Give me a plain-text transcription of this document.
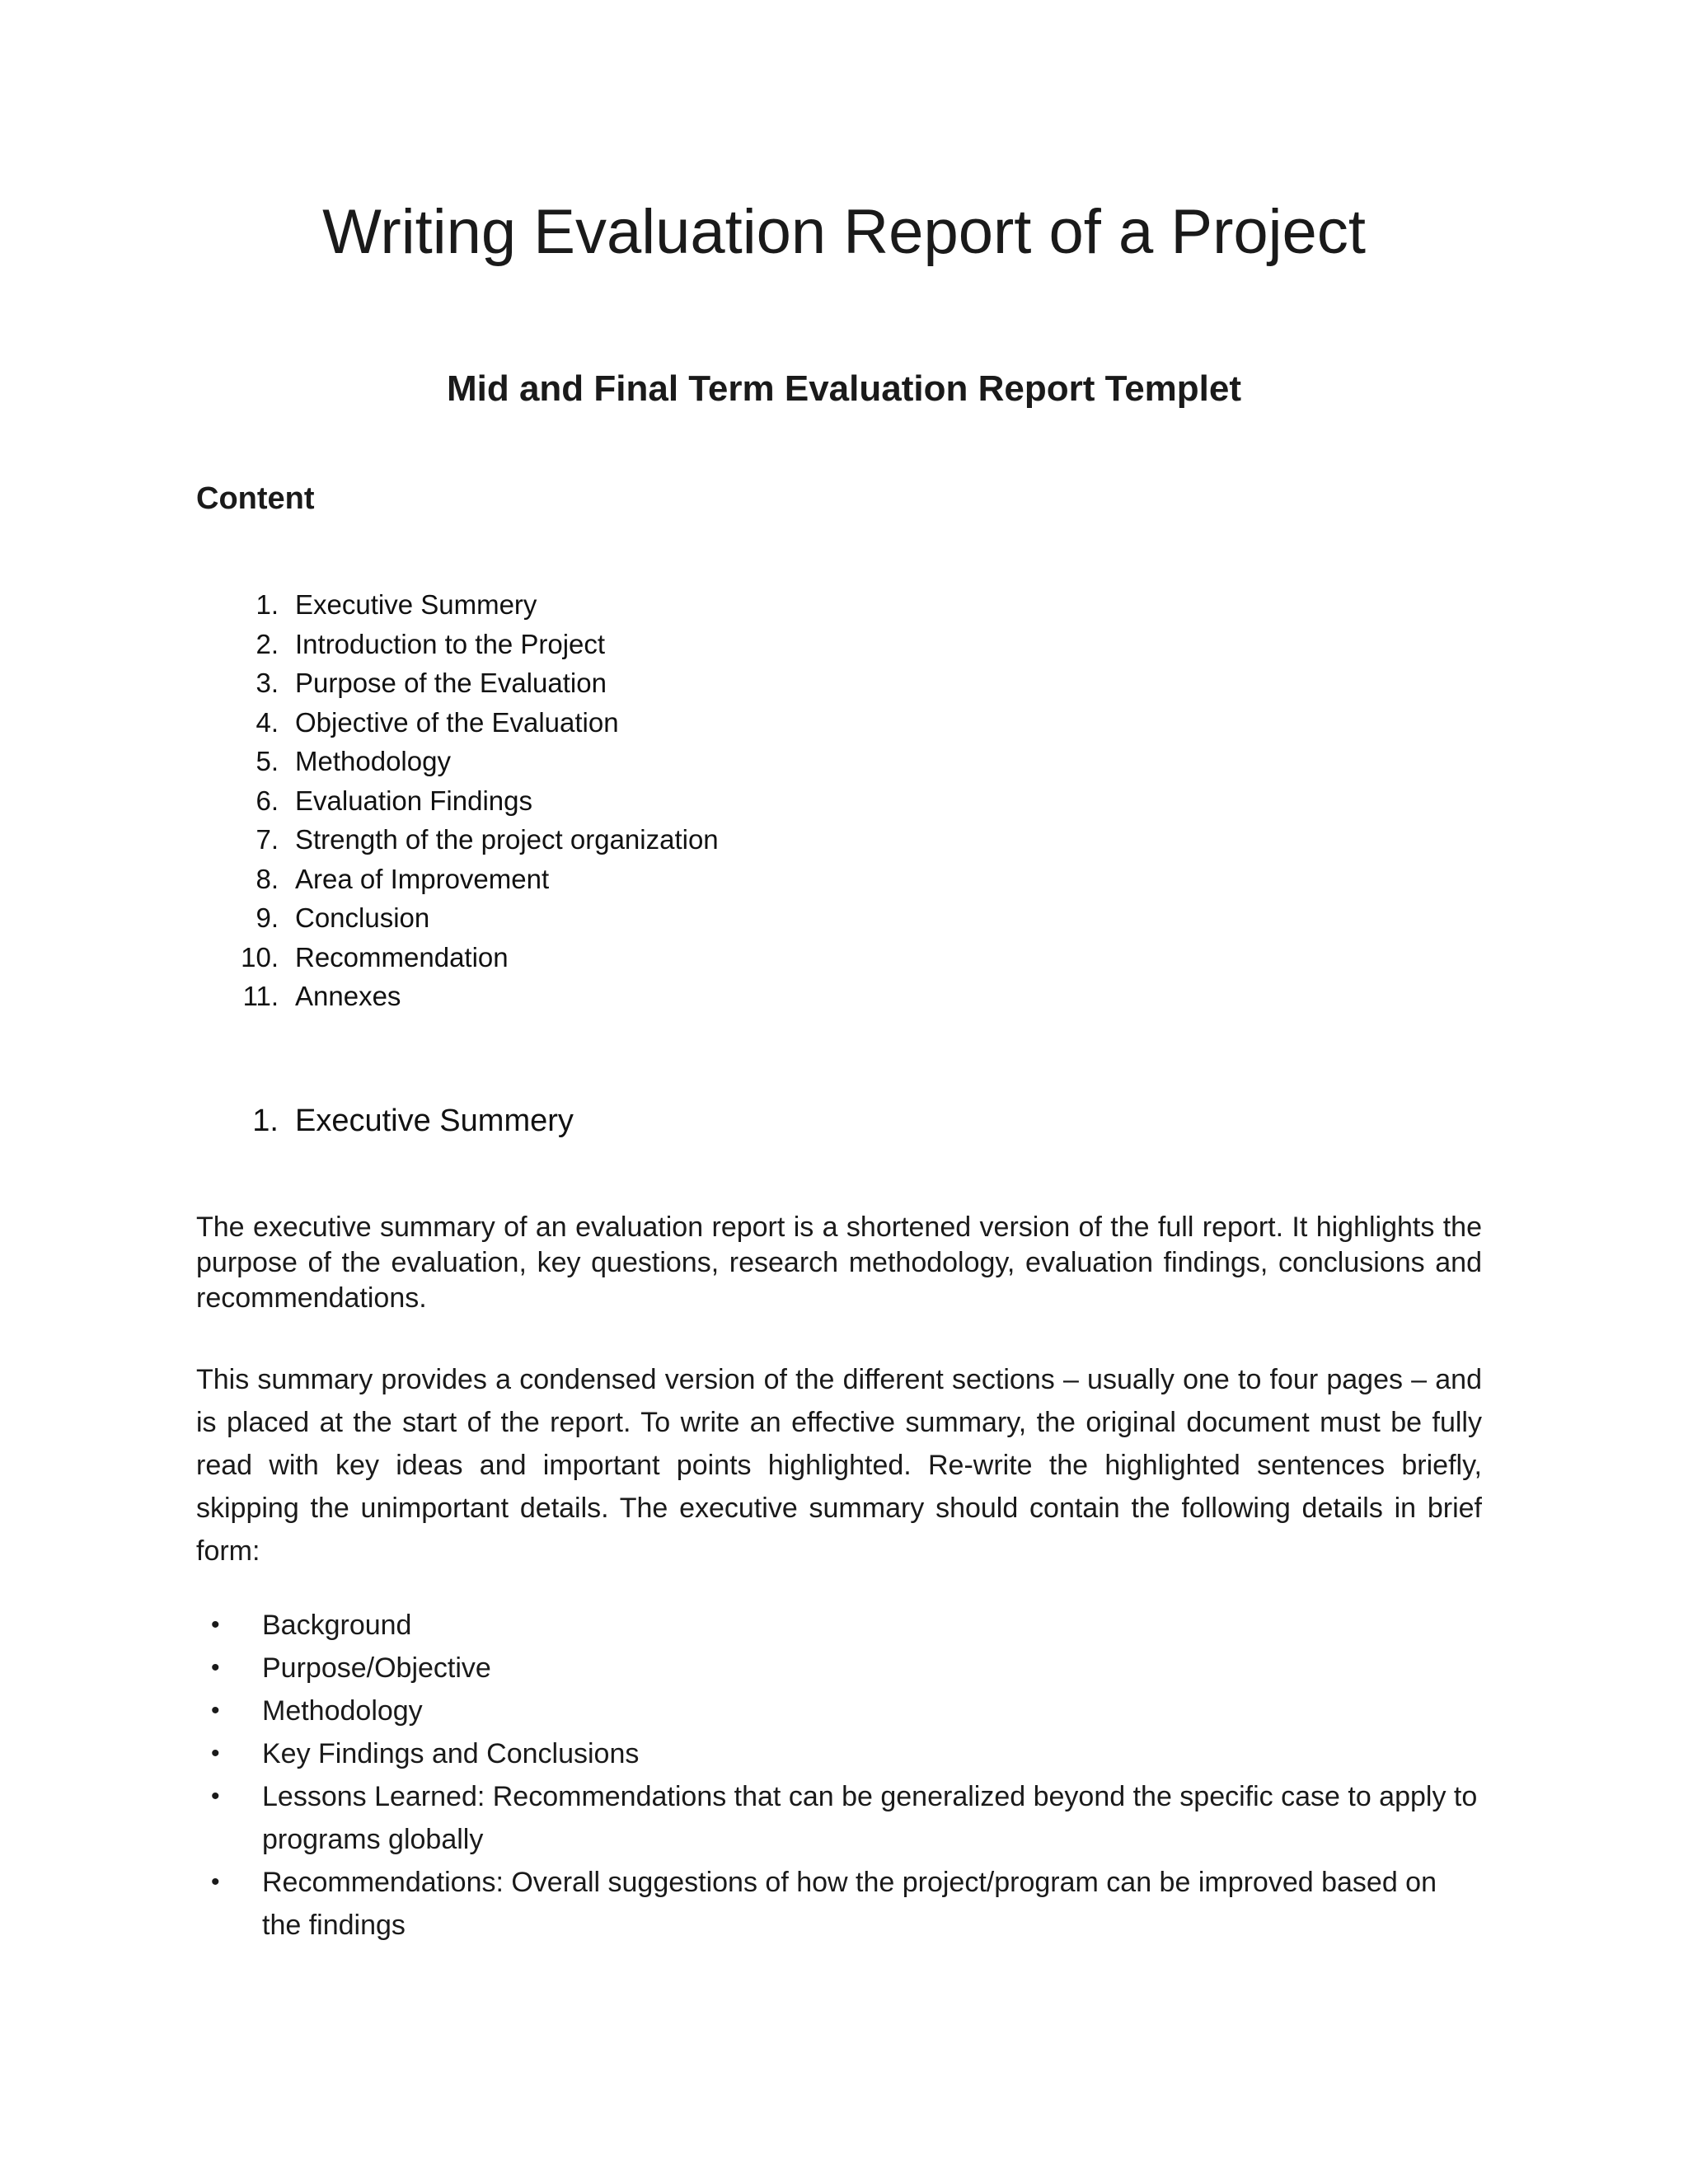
Writing Evaluation Report of a Project
Mid and Final Term Evaluation Report Templet
Content
1. Executive Summery
2. Introduction to the Project
3. Purpose of the Evaluation
4. Objective of the Evaluation
5. Methodology
6. Evaluation Findings
7. Strength of the project organization
8. Area of Improvement
9. Conclusion
10. Recommendation
11. Annexes
1. Executive Summery

The executive summary of an evaluation report is a shortened version of the full report. It highlights the purpose of the evaluation, key questions, research methodology, evaluation findings, conclusions and recommendations.

This summary provides a condensed version of the different sections – usually one to four pages – and is placed at the start of the report. To write an effective summary, the original document must be fully read with key ideas and important points highlighted. Re-write the highlighted sentences briefly, skipping the unimportant details. The executive summary should contain the following details in brief form:

•	Background
•	Purpose/Objective
•	Methodology
•	Key Findings and Conclusions
•	Lessons Learned: Recommendations that can be generalized beyond the specific case to apply to programs globally
•	Recommendations: Overall suggestions of how the project/program can be improved based on the findings
